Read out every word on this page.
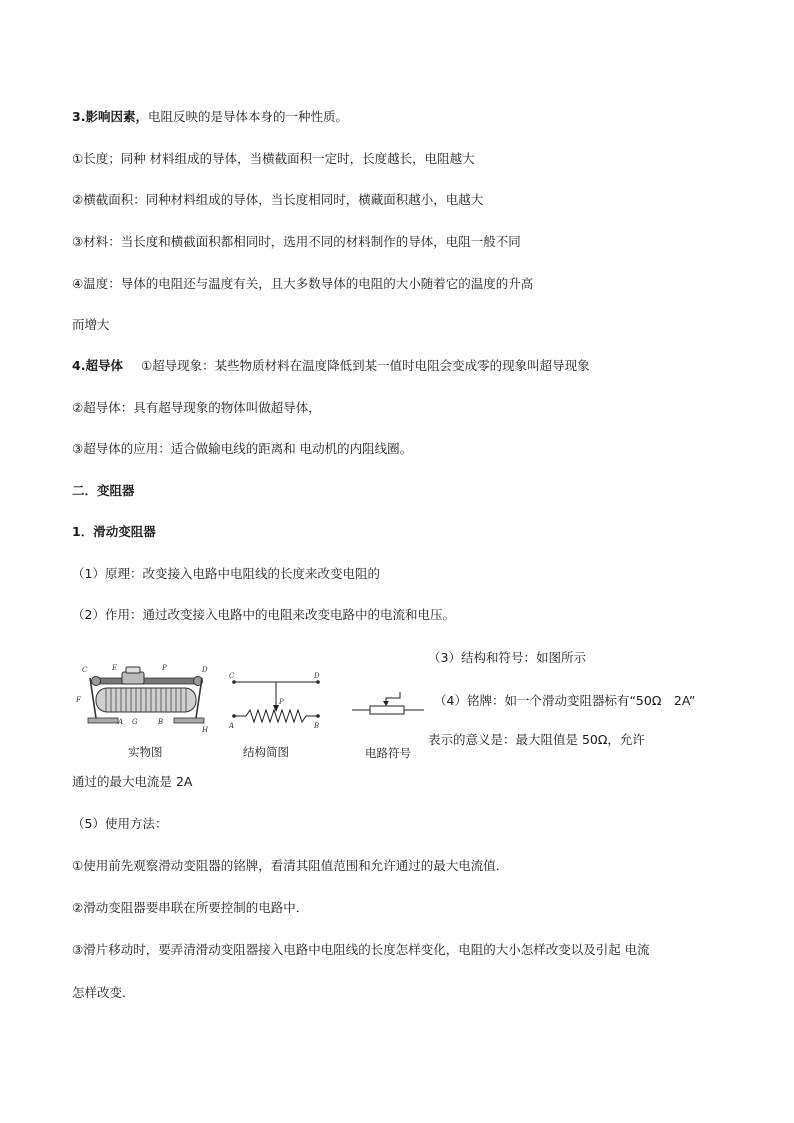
3.影响因素，电阻反映的是导体本身的一种性质。
①长度；同种 材料组成的导体，当横截面积一定时，长度越长，电阻越大
②横截面积：同种材料组成的导体，当长度相同时，横藏面积越小，电越大
③材料：当长度和横截面积都相同时，选用不同的材料制作的导体，电阻一般不同
④温度：导体的电阻还与温度有关，且大多数导体的电阻的大小随着它的温度的升高
而增大
4.超导体 ①超导现象：某些物质材料在温度降低到某一值时电阻会变成零的现象叫超导现象
②超导体：具有超导现象的物体叫做超导体，
③超导体的应用：适合做输电线的距离和 电动机的内阻线圈。
二．变阻器
1．滑动变阻器
（1）原理：改变接入电路中电阻线的长度来改变电阻的
（2）作用：通过改变接入电路中的电阻来改变电路中的电流和电压。
C	E	D
P
F
A G	B
H
实物图
C	D
P
A	B
结构简图	电路符号
（3）结构和符号：如图所示
（4）铭牌：如一个滑动变阻器标有“50Ω　2A”
表示的意义是：最大阻值是 50Ω，允许
通过的最大电流是 2A
（5）使用方法：
①使用前先观察滑动变阻器的铭牌，看清其阻值范围和允许通过的最大电流值．
②滑动变阻器要串联在所要控制的电路中．
③滑片移动时，要弄清滑动变阻器接入电路中电阻线的长度怎样变化，电阻的大小怎样改变以及引起 电流
怎样改变．
